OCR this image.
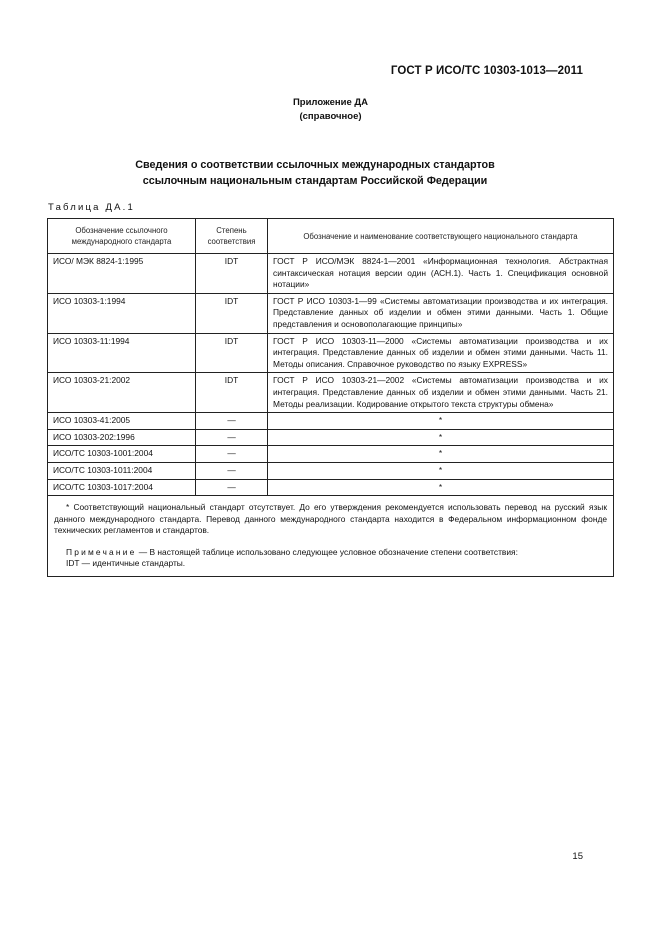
ГОСТ Р ИСО/ТС 10303-1013—2011
Приложение ДА
(справочное)
Сведения о соответствии ссылочных международных стандартов
ссылочным национальным стандартам Российской Федерации
Таблица ДА.1
Обозначение ссылочного международного стандарта	Степень соответствия	Обозначение и наименование соответствующего национального стандарта
ИСО/ МЭК 8824-1:1995	IDT	ГОСТ Р ИСО/МЭК 8824-1—2001 «Информационная технология. Абстрактная синтаксическая нотация версии один (АСН.1). Часть 1. Спецификация основной нотации»
ИСО 10303-1:1994	IDT	ГОСТ Р ИСО 10303-1—99 «Системы автоматизации производства и их интеграция. Представление данных об изделии и обмен этими данными. Часть 1. Общие представления и основополагающие принципы»
ИСО 10303-11:1994	IDT	ГОСТ Р ИСО 10303-11—2000 «Системы автоматизации производства и их интеграция. Представление данных об изделии и обмен этими данными. Часть 11. Методы описания. Справочное руководство по языку EXPRESS»
ИСО 10303-21:2002	IDT	ГОСТ Р ИСО 10303-21—2002 «Системы автоматизации производства и их интеграция. Представление данных об изделии и обмен этими данными. Часть 21. Методы реализации. Кодирование открытого текста структуры обмена»
ИСО 10303-41:2005	—	*
ИСО 10303-202:1996	—	*
ИСО/ТС 10303-1001:2004	—	*
ИСО/ТС 10303-1011:2004	—	*
ИСО/ТС 10303-1017:2004	—	*

* Соответствующий национальный стандарт отсутствует. До его утверждения рекомендуется использовать перевод на русский язык данного международного стандарта. Перевод данного международного стандарта находится в Федеральном информационном фонде технических регламентов и стандартов.

Примечание — В настоящей таблице использовано следующее условное обозначение степени соответствия:

IDT — идентичные стандарты.		

15
